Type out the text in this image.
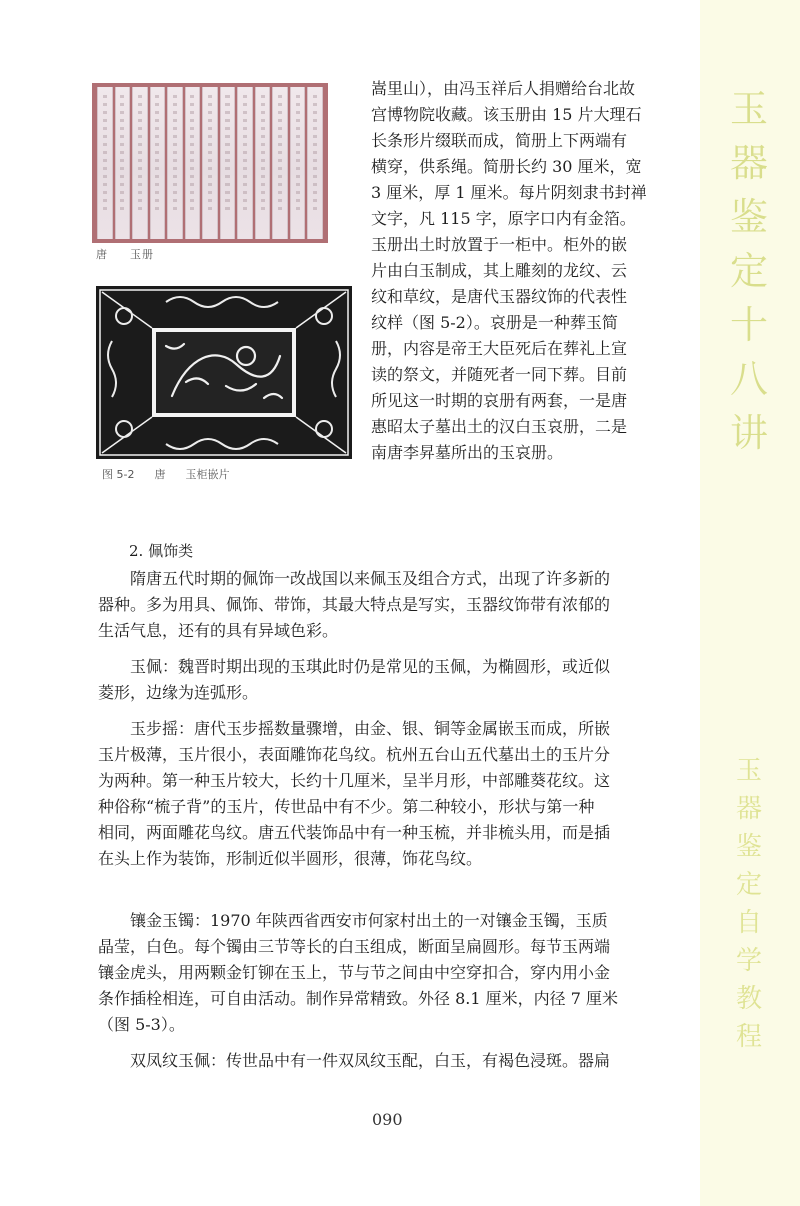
玉
器
鉴
定
十
八
讲
玉
器
鉴
定
自
学
教
程
唐 玉册
图 5-2 唐 玉柜嵌片

嵩里山），由冯玉祥后人捐赠给台北故
宫博物院收藏。该玉册由 15 片大理石
长条形片缀联而成，简册上下两端有
横穿，供系绳。简册长约 30 厘米，宽
3 厘米，厚 1 厘米。每片阴刻隶书封禅
文字，凡 115 字，原字口内有金箔。
玉册出土时放置于一柜中。柜外的嵌
片由白玉制成，其上雕刻的龙纹、云
纹和草纹，是唐代玉器纹饰的代表性
纹样（图 5-2）。哀册是一种葬玉简
册，内容是帝王大臣死后在葬礼上宣
读的祭文，并随死者一同下葬。目前
所见这一时期的哀册有两套，一是唐
惠昭太子墓出土的汉白玉哀册，二是
南唐李昇墓所出的玉哀册。

2. 佩饰类

　　隋唐五代时期的佩饰一改战国以来佩玉及组合方式，出现了许多新的
器种。多为用具、佩饰、带饰，其最大特点是写实，玉器纹饰带有浓郁的
生活气息，还有的具有异域色彩。

　　玉佩：魏晋时期出现的玉琪此时仍是常见的玉佩，为椭圆形，或近似
菱形，边缘为连弧形。

　　玉步摇：唐代玉步摇数量骤增，由金、银、铜等金属嵌玉而成，所嵌
玉片极薄，玉片很小，表面雕饰花鸟纹。杭州五台山五代墓出土的玉片分
为两种。第一种玉片较大，长约十几厘米，呈半月形，中部雕葵花纹。这
种俗称“梳子背”的玉片，传世品中有不少。第二种较小，形状与第一种
相同，两面雕花鸟纹。唐五代装饰品中有一种玉梳，并非梳头用，而是插
在头上作为装饰，形制近似半圆形，很薄，饰花鸟纹。

　　镶金玉镯：1970 年陕西省西安市何家村出土的一对镶金玉镯，玉质
晶莹，白色。每个镯由三节等长的白玉组成，断面呈扁圆形。每节玉两端
镶金虎头，用两颗金钉铆在玉上，节与节之间由中空穿扣合，穿内用小金
条作插栓相连，可自由活动。制作异常精致。外径 8.1 厘米，内径 7 厘米
（图 5-3）。

　　双凤纹玉佩：传世品中有一件双凤纹玉配，白玉，有褐色浸斑。器扁

090
